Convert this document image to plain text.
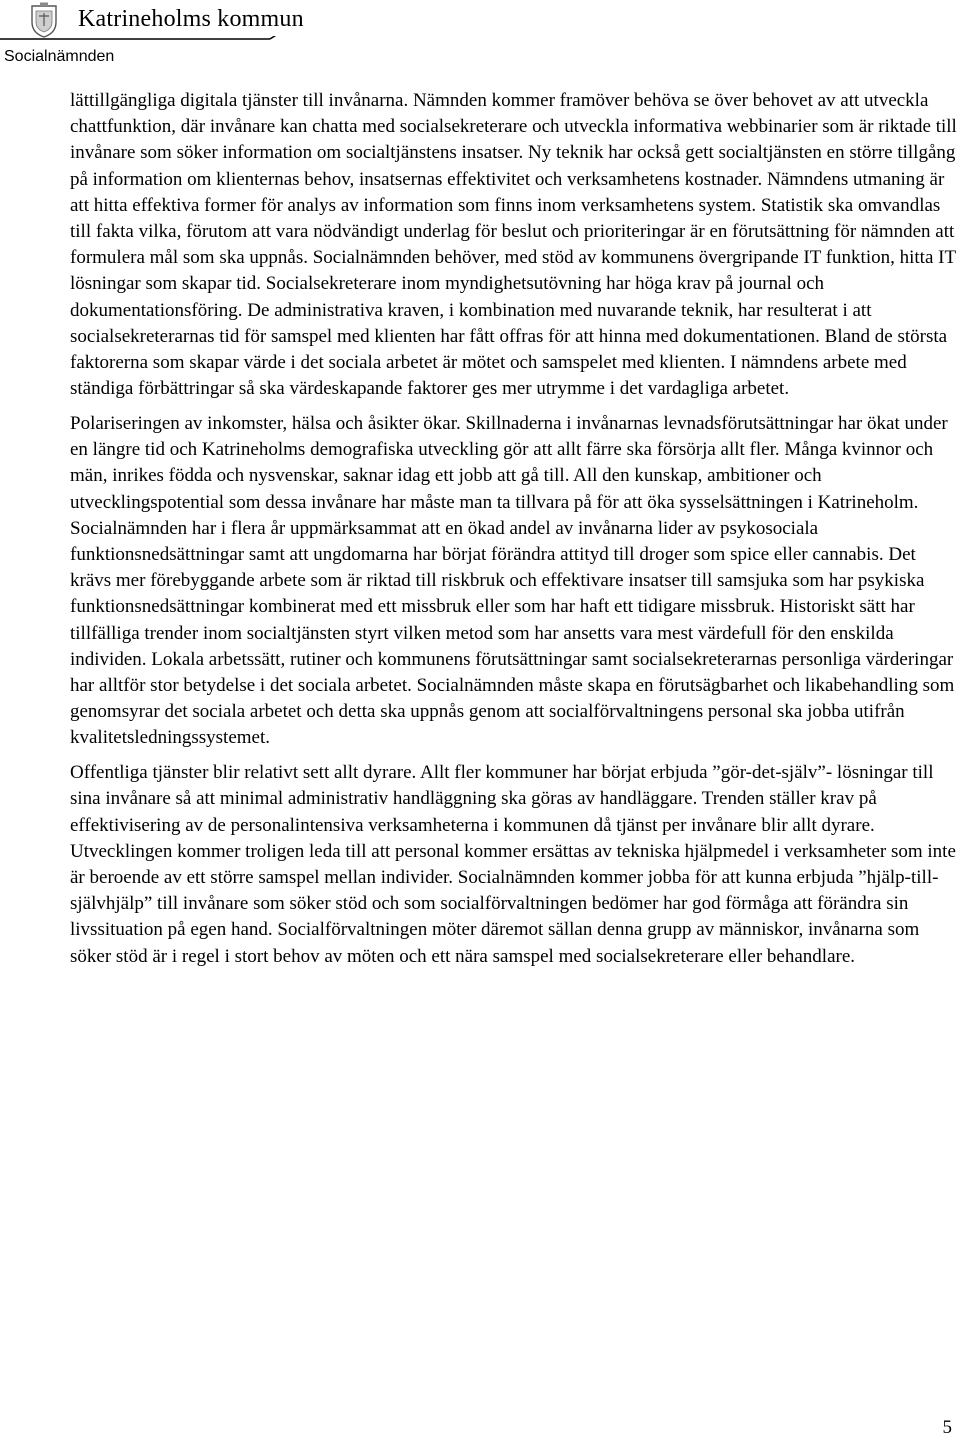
Katrineholms kommun
Socialnämnden

lättillgängliga digitala tjänster till invånarna. Nämnden kommer framöver behöva se över behovet av att utveckla chattfunktion, där invånare kan chatta med socialsekreterare och utveckla informativa webbinarier som är riktade till invånare som söker information om socialtjänstens insatser. Ny teknik har också gett socialtjänsten en större tillgång på information om klienternas behov, insatsernas effektivitet och verksamhetens kostnader. Nämndens utmaning är att hitta effektiva former för analys av information som finns inom verksamhetens system. Statistik ska omvandlas till fakta vilka, förutom att vara nödvändigt underlag för beslut och prioriteringar är en förutsättning för nämnden att formulera mål som ska uppnås. Socialnämnden behöver, med stöd av kommunens övergripande IT funktion, hitta IT lösningar som skapar tid. Socialsekreterare inom myndighetsutövning har höga krav på journal och dokumentationsföring. De administrativa kraven, i kombination med nuvarande teknik, har resulterat i att socialsekreterarnas tid för samspel med klienten har fått offras för att hinna med dokumentationen. Bland de största faktorerna som skapar värde i det sociala arbetet är mötet och samspelet med klienten. I nämndens arbete med ständiga förbättringar så ska värdeskapande faktorer ges mer utrymme i det vardagliga arbetet.

Polariseringen av inkomster, hälsa och åsikter ökar. Skillnaderna i invånarnas levnadsförutsättningar har ökat under en längre tid och Katrineholms demografiska utveckling gör att allt färre ska försörja allt fler. Många kvinnor och män, inrikes födda och nysvenskar, saknar idag ett jobb att gå till. All den kunskap, ambitioner och utvecklingspotential som dessa invånare har måste man ta tillvara på för att öka sysselsättningen i Katrineholm. Socialnämnden har i flera år uppmärksammat att en ökad andel av invånarna lider av psykosociala funktionsnedsättningar samt att ungdomarna har börjat förändra attityd till droger som spice eller cannabis. Det krävs mer förebyggande arbete som är riktad till riskbruk och effektivare insatser till samsjuka som har psykiska funktionsnedsättningar kombinerat med ett missbruk eller som har haft ett tidigare missbruk. Historiskt sätt har tillfälliga trender inom socialtjänsten styrt vilken metod som har ansetts vara mest värdefull för den enskilda individen. Lokala arbetssätt, rutiner och kommunens förutsättningar samt socialsekreterarnas personliga värderingar har alltför stor betydelse i det sociala arbetet. Socialnämnden måste skapa en förutsägbarhet och likabehandling som genomsyrar det sociala arbetet och detta ska uppnås genom att socialförvaltningens personal ska jobba utifrån kvalitetsledningssystemet.

Offentliga tjänster blir relativt sett allt dyrare. Allt fler kommuner har börjat erbjuda ”gör-det-själv”- lösningar till sina invånare så att minimal administrativ handläggning ska göras av handläggare. Trenden ställer krav på effektivisering av de personalintensiva verksamheterna i kommunen då tjänst per invånare blir allt dyrare. Utvecklingen kommer troligen leda till att personal kommer ersättas av tekniska hjälpmedel i verksamheter som inte är beroende av ett större samspel mellan individer. Socialnämnden kommer jobba för att kunna erbjuda ”hjälp-till-självhjälp” till invånare som söker stöd och som socialförvaltningen bedömer har god förmåga att förändra sin livssituation på egen hand. Socialförvaltningen möter däremot sällan denna grupp av människor, invånarna som söker stöd är i regel i stort behov av möten och ett nära samspel med socialsekreterare eller behandlare.

5
